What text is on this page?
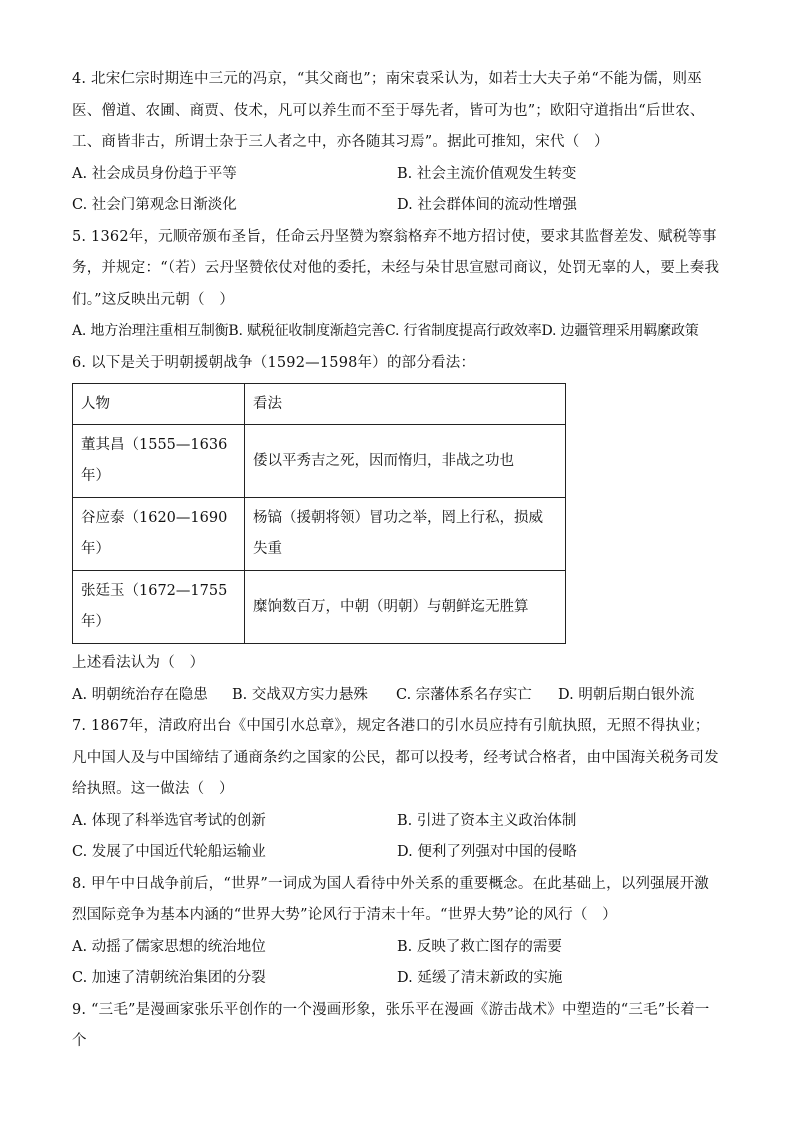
4. 北宋仁宗时期连中三元的冯京，“其父商也”；南宋袁采认为，如若士大夫子弟“不能为儒，则巫医、僧道、农圃、商贾、伎术，凡可以养生而不至于辱先者，皆可为也”；欧阳守道指出“后世农、工、商皆非古，所谓士杂于三人者之中，亦各随其习焉”。据此可推知，宋代（　）

A. 社会成员身份趋于平等	B. 社会主流价值观发生转变
C. 社会门第观念日渐淡化	D. 社会群体间的流动性增强

5. 1362年，元顺帝颁布圣旨，任命云丹坚赞为察翁格弃不地方招讨使，要求其监督差发、赋税等事务，并规定：“（若）云丹坚赞依仗对他的委托，未经与朵甘思宣慰司商议，处罚无辜的人，要上奏我们。”这反映出元朝（　）

A. 地方治理注重相互制衡B. 赋税征收制度渐趋完善C. 行省制度提高行政效率D. 边疆管理采用羁縻政策

6. 以下是关于明朝援朝战争（1592—1598年）的部分看法：

人物	看法
董其昌（1555—1636年）	倭以平秀吉之死，因而惰归，非战之功也
谷应泰（1620—1690年）	杨镐（援朝将领）冒功之举，罔上行私，损威失重
张廷玉（1672—1755年）	糜饷数百万，中朝（明朝）与朝鲜迄无胜算

上述看法认为（　）

A. 明朝统治存在隐患	B. 交战双方实力悬殊	C. 宗藩体系名存实亡	D. 明朝后期白银外流

7. 1867年，清政府出台《中国引水总章》，规定各港口的引水员应持有引航执照，无照不得执业；凡中国人及与中国缔结了通商条约之国家的公民，都可以投考，经考试合格者，由中国海关税务司发给执照。这一做法（　）

A. 体现了科举选官考试的创新	B. 引进了资本主义政治体制
C. 发展了中国近代轮船运输业	D. 便利了列强对中国的侵略

8. 甲午中日战争前后，“世界”一词成为国人看待中外关系的重要概念。在此基础上，以列强展开激烈国际竞争为基本内涵的“世界大势”论风行于清末十年。“世界大势”论的风行（　）

A. 动摇了儒家思想的统治地位	B. 反映了救亡图存的需要
C. 加速了清朝统治集团的分裂	D. 延缓了清末新政的实施

9. “三毛”是漫画家张乐平创作的一个漫画形象，张乐平在漫画《游击战术》中塑造的“三毛”长着一个
